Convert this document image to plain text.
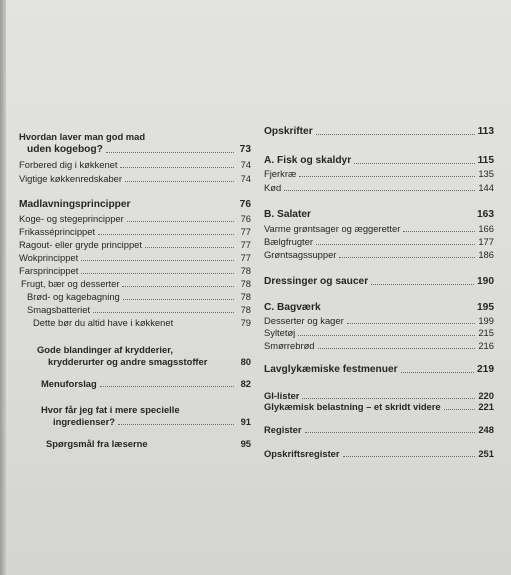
Hvordan laver man god mad
uden kogebog?	73
Forbered dig i køkkenet	74
Vigtige køkkenredskaber	74
Madlavningsprincipper	76
Koge- og stegeprincipper	76
Frikasséprincippet	77
Ragout- eller gryde princippet	77
Wokprincippet	77
Farsprincippet	78
Frugt, bær og desserter	78
Brød- og kagebagning	78
Smagsbatteriet	78
Dette bør du altid have i køkkenet	79
Gode blandinger af krydderier,
krydderurter og andre smagsstoffer	80
Menuforslag	82
Hvor får jeg fat i mere specielle
ingredienser?	91
Spørgsmål fra læserne	95
Opskrifter	113
A. Fisk og skaldyr	115
Fjerkræ	135
Kød	144
B. Salater	163
Varme grøntsager og æggeretter	166
Bælgfrugter	177
Grøntsagssupper	186
Dressinger og saucer	190
C. Bagværk	195
Desserter og kager	199
Syltetøj	215
Smørrebrød	216
Lavglykæmiske festmenuer	219
GI-lister	220
Glykæmisk belastning – et skridt videre	221
Register	248
Opskriftsregister	251
